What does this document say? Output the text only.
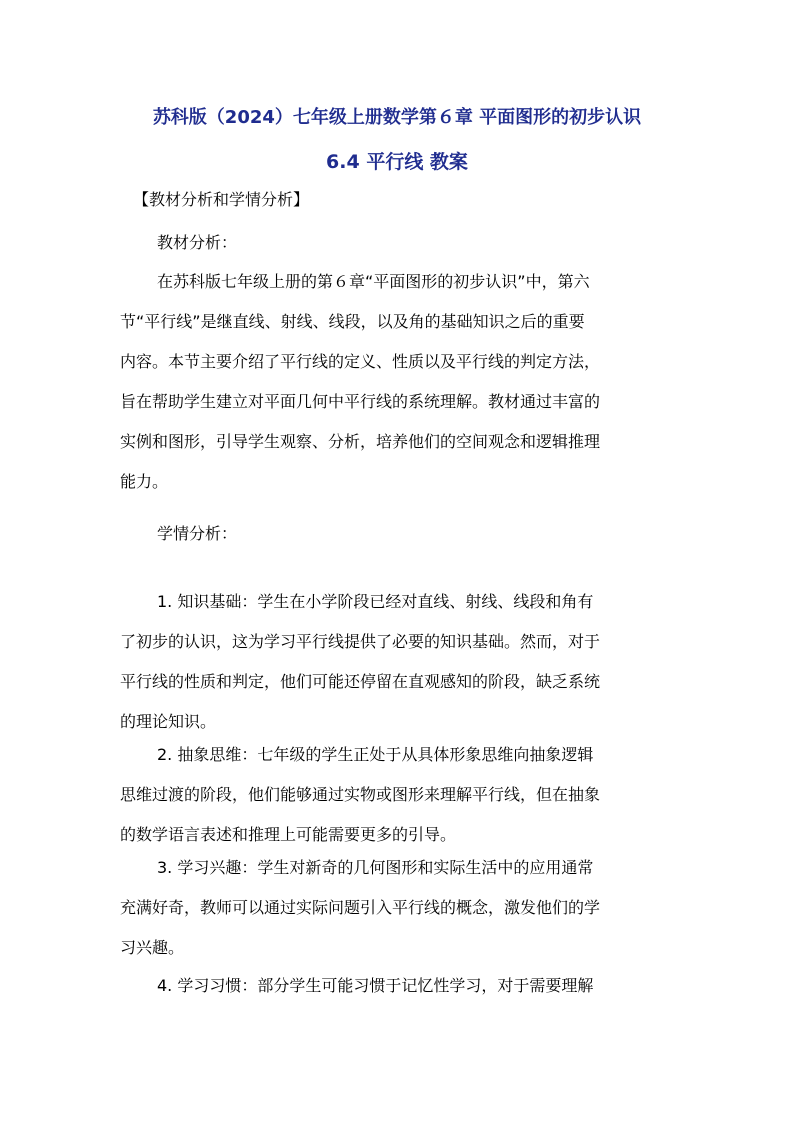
苏科版（2024）七年级上册数学第６章 平面图形的初步认识
6.4 平行线 教案
【教材分析和学情分析】
教材分析：
在苏科版七年级上册的第６章“平面图形的初步认识”中，第六
节“平行线”是继直线、射线、线段，以及角的基础知识之后的重要
内容。本节主要介绍了平行线的定义、性质以及平行线的判定方法，
旨在帮助学生建立对平面几何中平行线的系统理解。教材通过丰富的
实例和图形，引导学生观察、分析，培养他们的空间观念和逻辑推理
能力。
学情分析：
1. 知识基础：学生在小学阶段已经对直线、射线、线段和角有
了初步的认识，这为学习平行线提供了必要的知识基础。然而，对于
平行线的性质和判定，他们可能还停留在直观感知的阶段，缺乏系统
的理论知识。
2. 抽象思维：七年级的学生正处于从具体形象思维向抽象逻辑
思维过渡的阶段，他们能够通过实物或图形来理解平行线，但在抽象
的数学语言表述和推理上可能需要更多的引导。
3. 学习兴趣：学生对新奇的几何图形和实际生活中的应用通常
充满好奇，教师可以通过实际问题引入平行线的概念，激发他们的学
习兴趣。
4. 学习习惯：部分学生可能习惯于记忆性学习，对于需要理解
